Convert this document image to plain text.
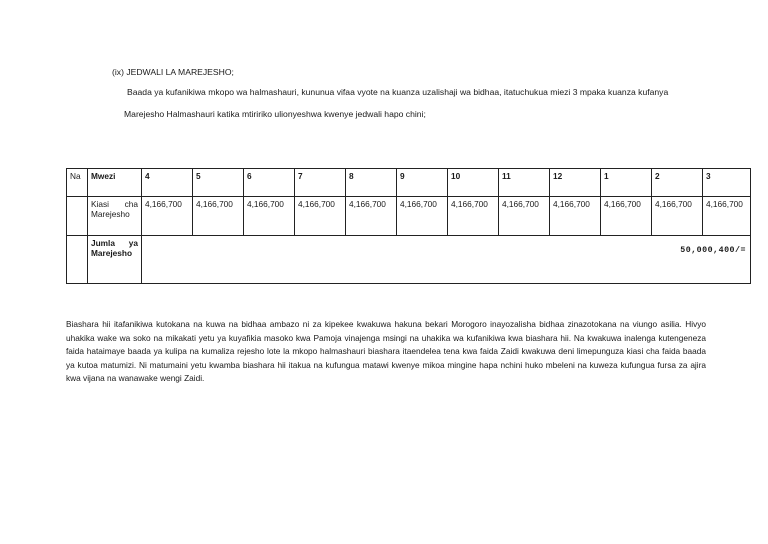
(ix) JEDWALI LA MAREJESHO;
Baada ya kufanikiwa mkopo wa halmashauri, kununua vifaa vyote na kuanza uzalishaji wa bidhaa, itatuchukua miezi 3 mpaka kuanza kufanya
Marejesho Halmashauri katika mtiririko ulionyeshwa kwenye jedwali hapo chini;
Na	Mwezi	4	5	6	7	8	9	10	11	12	1	2	3

	Kiasi cha
Marejesho	4,166,700	4,166,700	4,166,700	4,166,700	4,166,700	4,166,700	4,166,700	4,166,700	4,166,700	4,166,700	4,166,700	4,166,700

	Jumla ya
Marejesho	50,000,400/=											
Biashara hii itafanikiwa kutokana na kuwa na bidhaa ambazo ni za kipekee kwakuwa hakuna bekari Morogoro inayozalisha bidhaa zinazotokana na viungo asilia. Hivyo uhakika wake wa soko na mikakati yetu ya kuyafikia masoko kwa Pamoja vinajenga msingi na uhakika wa kufanikiwa kwa biashara hii. Na kwakuwa inalenga kutengeneza faida hataimaye baada ya kulipa na kumaliza rejesho lote la mkopo halmashauri biashara itaendelea tena kwa faida Zaidi kwakuwa deni limepunguza kiasi cha faida baada ya kutoa matumizi. Ni matumaini yetu kwamba biashara hii itakua na kufungua matawi kwenye mikoa mingine hapa nchini huko mbeleni na kuweza kufungua fursa za ajira kwa vijana na wanawake wengi Zaidi.
